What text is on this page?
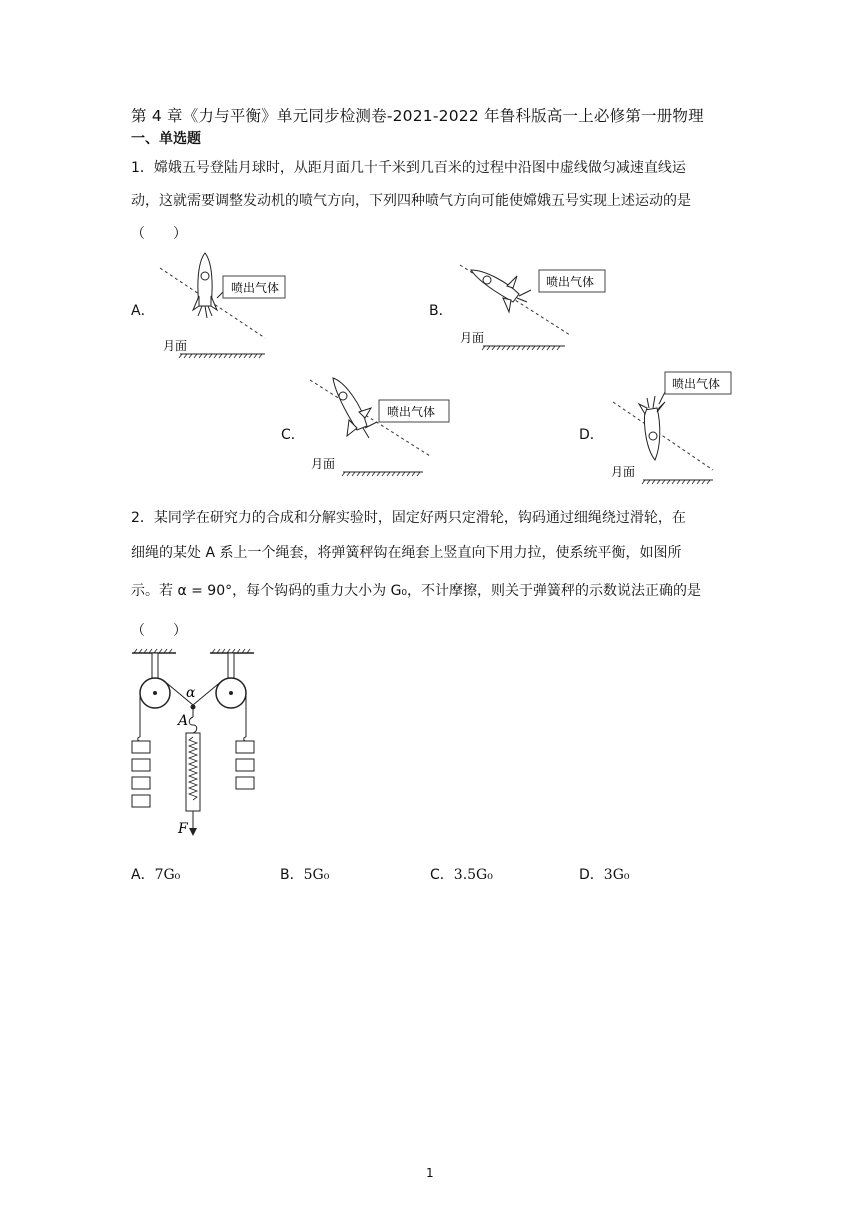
第 4 章《力与平衡》单元同步检测卷-2021-2022 年鲁科版高一上必修第一册物理
一、单选题
1．嫦娥五号登陆月球时，从距月面几十千米到几百米的过程中沿图中虚线做匀减速直线运
动，这就需要调整发动机的喷气方向，下列四种喷气方向可能使嫦娥五号实现上述运动的是
（　　）
A．
喷出气体
月面
B．
喷出气体
月面
C．
喷出气体
月面
D．
喷出气体
月面
2．某同学在研究力的合成和分解实验时，固定好两只定滑轮，钩码通过细绳绕过滑轮，在
细绳的某处 A 系上一个绳套，将弹簧秤钩在绳套上竖直向下用力拉，使系统平衡，如图所
示。若 α = 90°，每个钩码的重力大小为 G₀，不计摩擦，则关于弹簧秤的示数说法正确的是
（　　）
α
A
F
A．7G₀	B．5G₀	C．3.5G₀	D．3G₀
1
